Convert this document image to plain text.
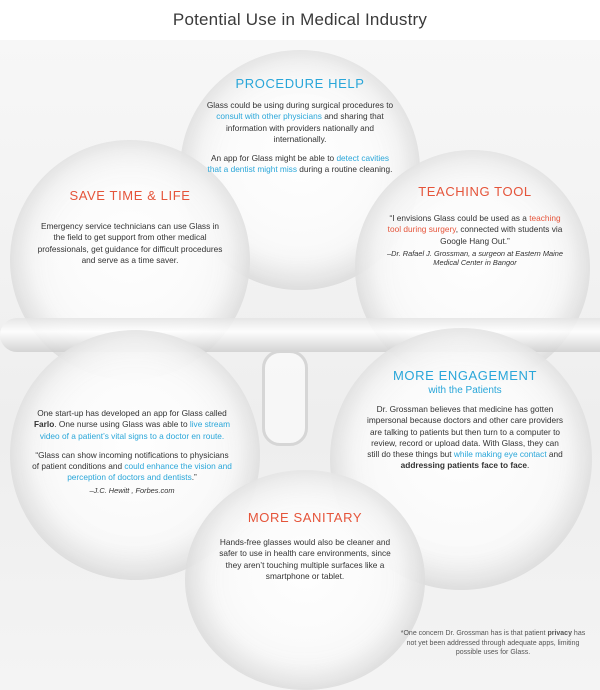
Potential Use in Medical Industry
PROCEDURE HELP

Glass could be using during surgical procedures to consult with other physicians and sharing that information with providers nationally and internationally.

An app for Glass might be able to detect cavities that a dentist might miss during a routine cleaning.

SAVE TIME & LIFE
Emergency service technicians can use Glass in the field to get support from other medical professionals, get guidance for difficult procedures and serve as a time saver.
TEACHING TOOL

“I envisions Glass could be used as a teaching tool during surgery, connected with students via Google Hang Out.”

–Dr. Rafael J. Grossman, a surgeon at Eastern Maine Medical Center in Bangor
MORE ENGAGEMENT
with the Patients

Dr. Grossman believes that medicine has gotten impersonal because doctors and other care providers are talking to patients but then turn to a computer to review, record or upload data. With Glass, they can still do these things but while making eye contact and addressing patients face to face.

One start-up has developed an app for Glass called Farlo. One nurse using Glass was able to live stream video of a patient’s vital signs to a doctor en route.

“Glass can show incoming notifications to physicians of patient conditions and could enhance the vision and perception of doctors and dentists.”

–J.C. Hewitt , Forbes.com
MORE SANITARY
Hands-free glasses would also be cleaner and safer to use in health care environments, since they aren’t touching multiple surfaces like a smartphone or tablet.
*One concern Dr. Grossman has is that patient privacy has not yet been addressed through adequate apps, limiting possible uses for Glass.
